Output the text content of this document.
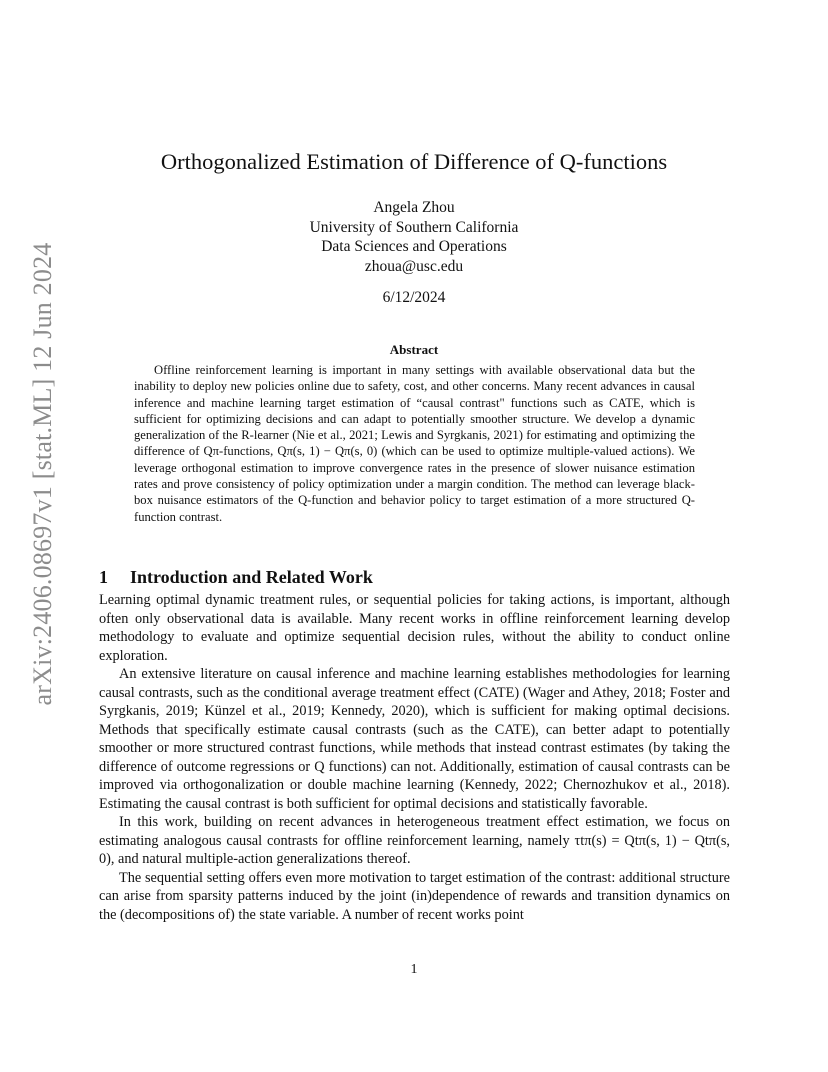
arXiv:2406.08697v1 [stat.ML] 12 Jun 2024
Orthogonalized Estimation of Difference of Q-functions
Angela Zhou
University of Southern California
Data Sciences and Operations
zhoua@usc.edu
6/12/2024
Abstract

Offline reinforcement learning is important in many settings with available observational data but the inability to deploy new policies online due to safety, cost, and other concerns. Many recent advances in causal inference and machine learning target estimation of “causal contrast" functions such as CATE, which is sufficient for optimizing decisions and can adapt to potentially smoother structure. We develop a dynamic generalization of the R-learner (Nie et al., 2021; Lewis and Syrgkanis, 2021) for estimating and optimizing the difference of Qπ-functions, Qπ(s, 1) − Qπ(s, 0) (which can be used to optimize multiple-valued actions). We leverage orthogonal estimation to improve convergence rates in the presence of slower nuisance estimation rates and prove consistency of policy optimization under a margin condition. The method can leverage black-box nuisance estimators of the Q-function and behavior policy to target estimation of a more structured Q-function contrast.

1 Introduction and Related Work

Learning optimal dynamic treatment rules, or sequential policies for taking actions, is important, although often only observational data is available. Many recent works in offline reinforcement learning develop methodology to evaluate and optimize sequential decision rules, without the ability to conduct online exploration.

An extensive literature on causal inference and machine learning establishes methodologies for learning causal contrasts, such as the conditional average treatment effect (CATE) (Wager and Athey, 2018; Foster and Syrgkanis, 2019; Künzel et al., 2019; Kennedy, 2020), which is sufficient for making optimal decisions. Methods that specifically estimate causal contrasts (such as the CATE), can better adapt to potentially smoother or more structured contrast functions, while methods that instead contrast estimates (by taking the difference of outcome regressions or Q functions) can not. Additionally, estimation of causal contrasts can be improved via orthogonalization or double machine learning (Kennedy, 2022; Chernozhukov et al., 2018). Estimating the causal contrast is both sufficient for optimal decisions and statistically favorable.

In this work, building on recent advances in heterogeneous treatment effect estimation, we focus on estimating analogous causal contrasts for offline reinforcement learning, namely τtπ(s) = Qtπ(s, 1) − Qtπ(s, 0), and natural multiple-action generalizations thereof.

The sequential setting offers even more motivation to target estimation of the contrast: additional structure can arise from sparsity patterns induced by the joint (in)dependence of rewards and transition dynamics on the (decompositions of) the state variable. A number of recent works point

1
